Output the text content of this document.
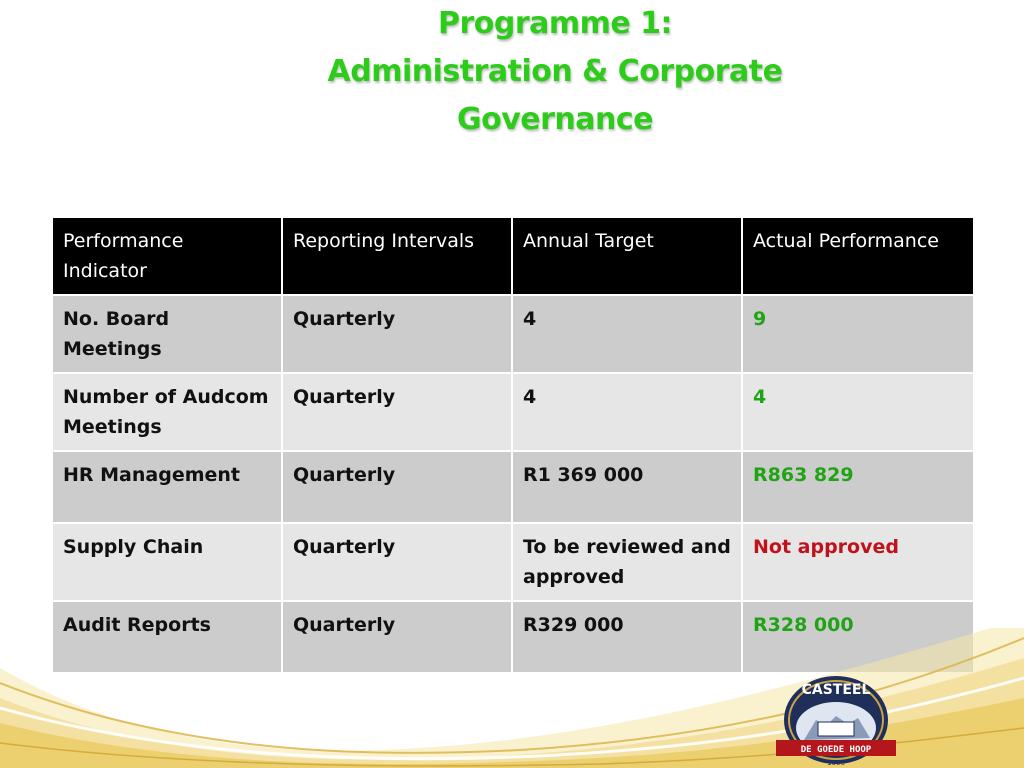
Programme 1:
Administration & Corporate
Governance
Performance Indicator	Reporting Intervals	Annual Target	Actual Performance
No. Board Meetings	Quarterly	4	9
Number of Audcom Meetings	Quarterly	4	4
HR Management	Quarterly	R1 369 000	R863 829
Supply Chain	Quarterly	To be reviewed and approved	Not approved
Audit Reports	Quarterly	R329 000	R328 000
CASTEEL
DE GOEDE HOOP
1666
